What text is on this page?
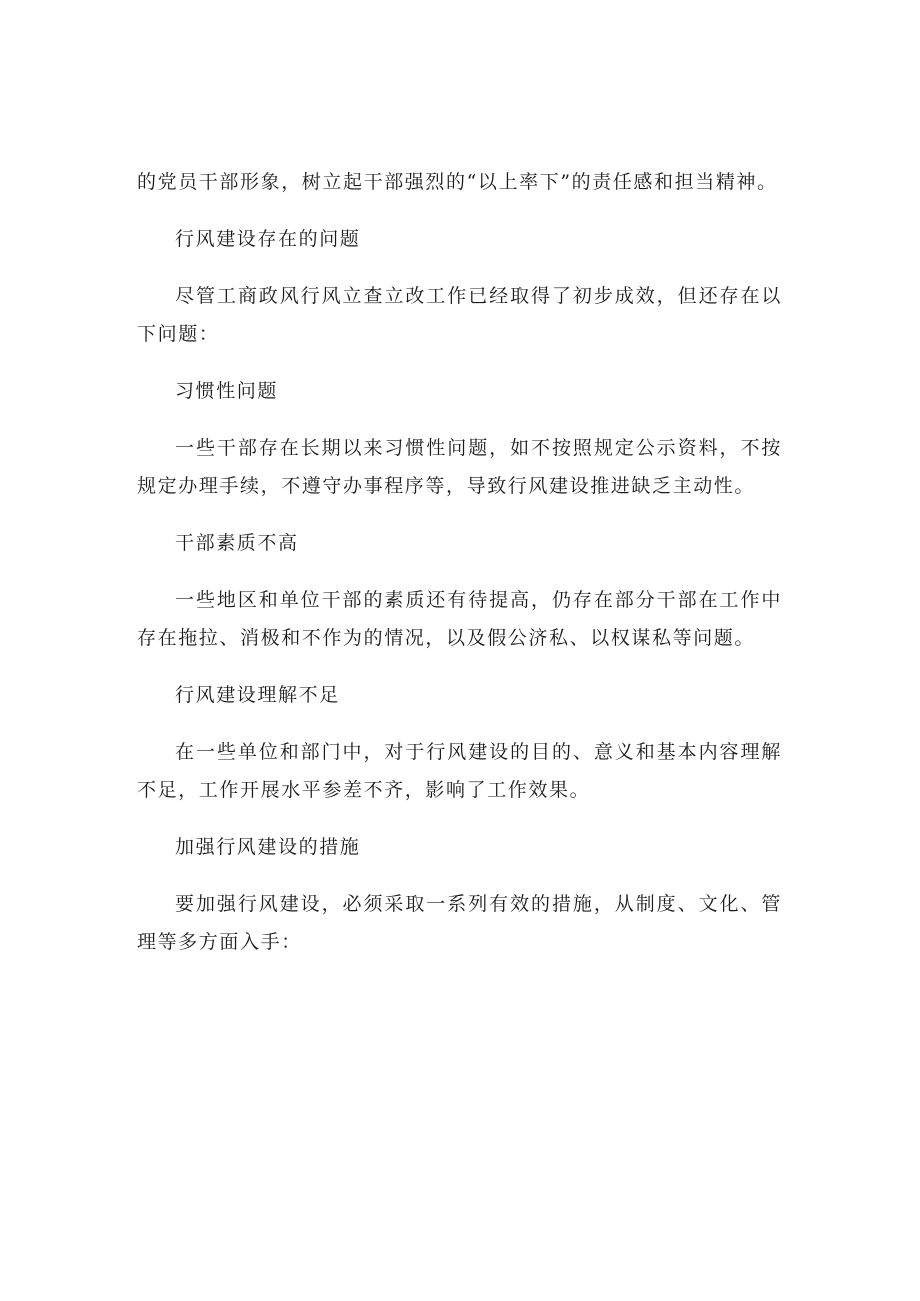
的党员干部形象，树立起干部强烈的“以上率下”的责任感和担当精神。

行风建设存在的问题

尽管工商政风行风立查立改工作已经取得了初步成效，但还存在以下问题：

习惯性问题

一些干部存在长期以来习惯性问题，如不按照规定公示资料，不按规定办理手续，不遵守办事程序等，导致行风建设推进缺乏主动性。

干部素质不高

一些地区和单位干部的素质还有待提高，仍存在部分干部在工作中存在拖拉、消极和不作为的情况，以及假公济私、以权谋私等问题。

行风建设理解不足

在一些单位和部门中，对于行风建设的目的、意义和基本内容理解不足，工作开展水平参差不齐，影响了工作效果。

加强行风建设的措施

要加强行风建设，必须采取一系列有效的措施，从制度、文化、管理等多方面入手：
